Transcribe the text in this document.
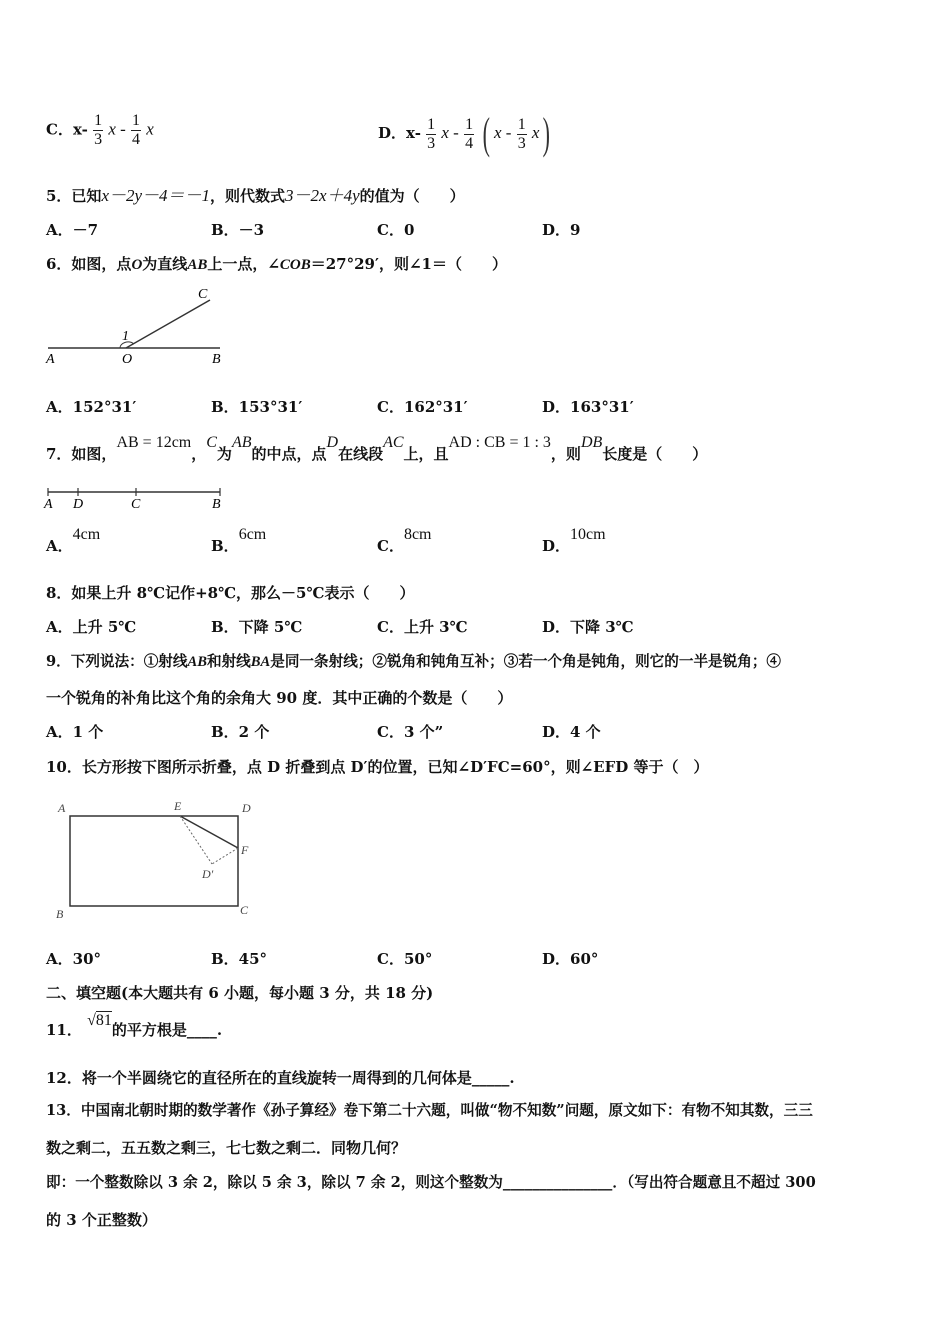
C．$x- \frac{1}{3}$ x - $\frac{1}{4}$ x	D．$x- \frac{1}{3}$ x - $\frac{1}{4}$ ( x - $\frac{1}{3} x$)
5．已知x－2y－4＝－1，则代数式3－2x＋4y的值为（　　）
A．－7	B．－3	C．0	D．9
6．如图，点O为直线AB上一点，∠COB＝27°29′，则∠1＝（　　）
A	O	B
C
1
A．152°31′	B．153°31′	C．162°31′	D．163°31′
7．如图，AB = 12cm，C为AB的中点，点D在线段AC上，且AD : CB = 1 : 3，则DB长度是（　　）
A D	C	B
A．4cm
B．6cm
C．8cm
D．10cm
8．如果上升 8℃记作+8℃，那么－5℃表示（　　）
A．上升 5℃	B．下降 5℃	C．上升 3℃	D．下降 3℃
9．下列说法：①射线AB和射线BA是同一条射线；②锐角和钝角互补；③若一个角是钝角，则它的一半是锐角；④
一个锐角的补角比这个角的余角大 90 度．其中正确的个数是（　　）
A．1 个	B．2 个	C．3 个”	D．4 个
10．长方形按下图所示折叠，点 D 折叠到点 D′的位置，已知∠D′FC=60°，则∠EFD 等于（　）
A	E	D
F
D′
B	C
A．30°	B．45°	C．50°	D．60°
二、填空题(本大题共有 6 小题，每小题 3 分，共 18 分)
11． √81的平方根是____.
12．将一个半圆绕它的直径所在的直线旋转一周得到的几何体是_____.
13．中国南北朝时期的数学著作《孙子算经》卷下第二十六题，叫做“物不知数”问题，原文如下：有物不知其数，三三
数之剩二，五五数之剩三，七七数之剩二．同物几何？
即：一个整数除以 3 余 2，除以 5 余 3，除以 7 余 2，则这个整数为_______________．（写出符合题意且不超过 300
的 3 个正整数）
